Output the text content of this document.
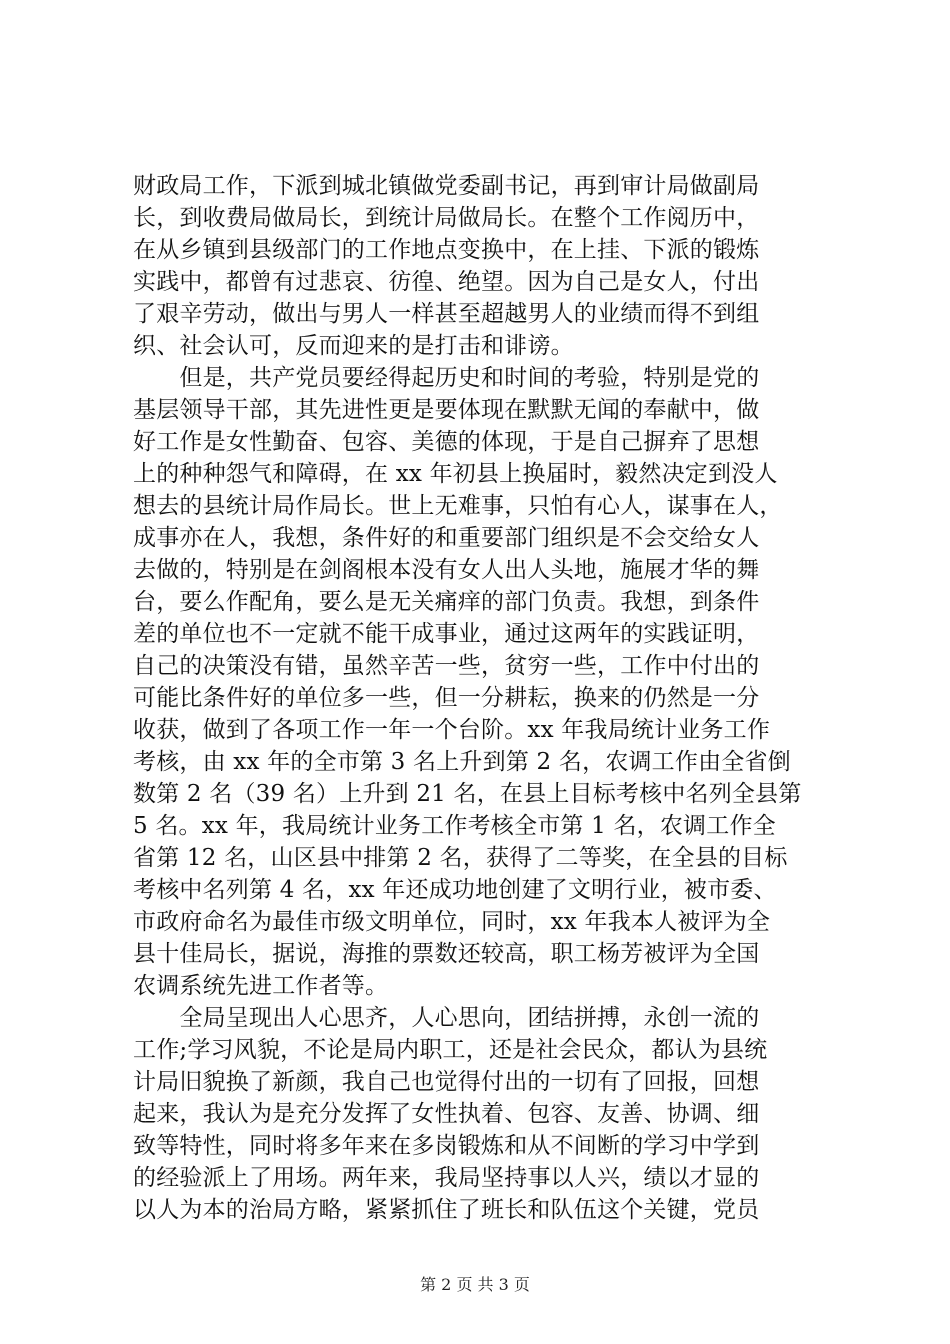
财政局工作，下派到城北镇做党委副书记，再到审计局做副局
长，到收费局做局长，到统计局做局长。在整个工作阅历中，
在从乡镇到县级部门的工作地点变换中，在上挂、下派的锻炼
实践中，都曾有过悲哀、彷徨、绝望。因为自己是女人，付出
了艰辛劳动，做出与男人一样甚至超越男人的业绩而得不到组
织、社会认可，反而迎来的是打击和诽谤。
　　但是，共产党员要经得起历史和时间的考验，特别是党的
基层领导干部，其先进性更是要体现在默默无闻的奉献中，做
好工作是女性勤奋、包容、美德的体现，于是自己摒弃了思想
上的种种怨气和障碍，在 xx 年初县上换届时，毅然决定到没人
想去的县统计局作局长。世上无难事，只怕有心人，谋事在人，
成事亦在人，我想，条件好的和重要部门组织是不会交给女人
去做的，特别是在剑阁根本没有女人出人头地，施展才华的舞
台，要么作配角，要么是无关痛痒的部门负责。我想，到条件
差的单位也不一定就不能干成事业，通过这两年的实践证明，
自己的决策没有错，虽然辛苦一些，贫穷一些，工作中付出的
可能比条件好的单位多一些，但一分耕耘，换来的仍然是一分
收获，做到了各项工作一年一个台阶。xx 年我局统计业务工作
考核，由 xx 年的全市第 3 名上升到第 2 名，农调工作由全省倒
数第 2 名（39 名）上升到 21 名，在县上目标考核中名列全县第
5 名。xx 年，我局统计业务工作考核全市第 1 名，农调工作全
省第 12 名，山区县中排第 2 名，获得了二等奖，在全县的目标
考核中名列第 4 名，xx 年还成功地创建了文明行业，被市委、
市政府命名为最佳市级文明单位，同时，xx 年我本人被评为全
县十佳局长，据说，海推的票数还较高，职工杨芳被评为全国
农调系统先进工作者等。
　　全局呈现出人心思齐，人心思向，团结拼搏，永创一流的
工作;学习风貌，不论是局内职工，还是社会民众，都认为县统
计局旧貌换了新颜，我自己也觉得付出的一切有了回报，回想
起来，我认为是充分发挥了女性执着、包容、友善、协调、细
致等特性，同时将多年来在多岗锻炼和从不间断的学习中学到
的经验派上了用场。两年来，我局坚持事以人兴，绩以才显的
以人为本的治局方略，紧紧抓住了班长和队伍这个关键，党员
第 2 页 共 3 页
